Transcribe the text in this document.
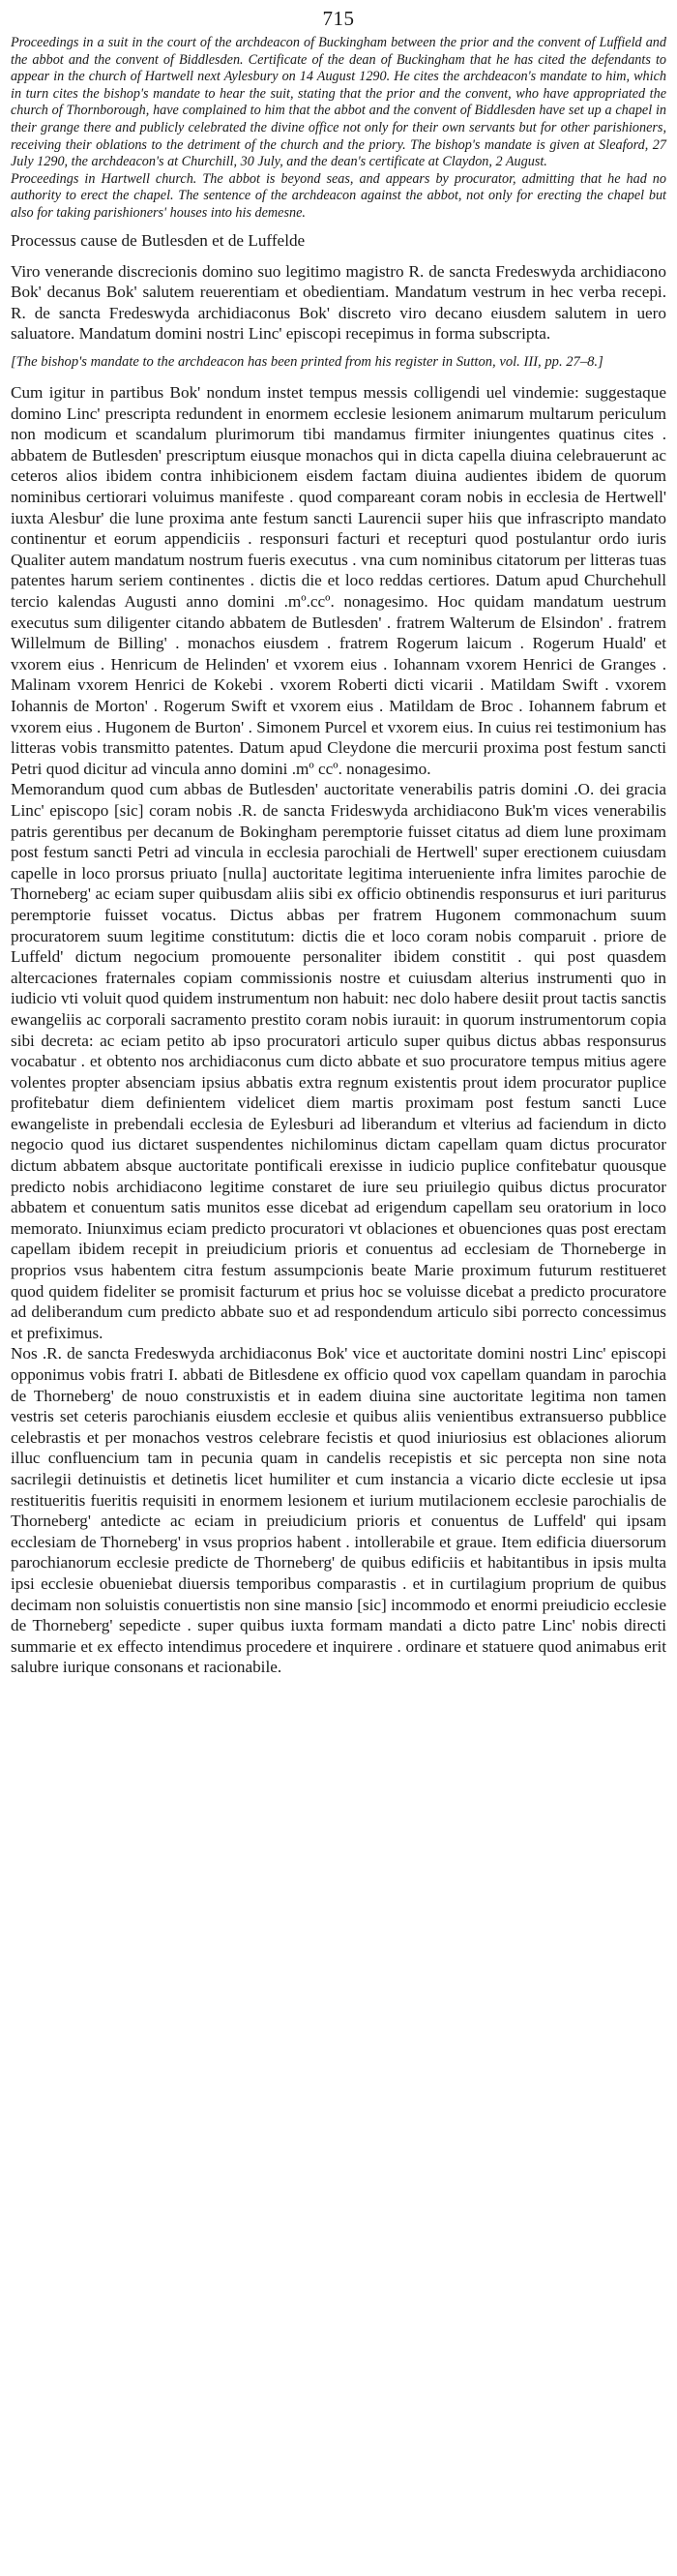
715

Proceedings in a suit in the court of the archdeacon of Buckingham between the prior and the convent of Luffield and the abbot and the convent of Biddlesden. Certificate of the dean of Buckingham that he has cited the defendants to appear in the church of Hartwell next Aylesbury on 14 August 1290. He cites the archdeacon's mandate to him, which in turn cites the bishop's mandate to hear the suit, stating that the prior and the convent, who have appropriated the church of Thornborough, have complained to him that the abbot and the convent of Biddlesden have set up a chapel in their grange there and publicly celebrated the divine office not only for their own servants but for other parishioners, receiving their oblations to the detriment of the church and the priory. The bishop's mandate is given at Sleaford, 27 July 1290, the archdeacon's at Churchill, 30 July, and the dean's certificate at Claydon, 2 August.

Proceedings in Hartwell church. The abbot is beyond seas, and appears by procurator, admitting that he had no authority to erect the chapel. The sentence of the archdeacon against the abbot, not only for erecting the chapel but also for taking parishioners' houses into his demesne.

Processus cause de Butlesden et de Luffelde

Viro venerande discrecionis domino suo legitimo magistro R. de sancta Fredeswyda archidiacono Bok' decanus Bok' salutem reuerentiam et obedientiam. Mandatum vestrum in hec verba recepi. R. de sancta Fredeswyda archidiaconus Bok' discreto viro decano eiusdem salutem in uero saluatore. Mandatum domini nostri Linc' episcopi recepimus in forma subscripta.

[The bishop's mandate to the archdeacon has been printed from his register in Sutton, vol. III, pp. 27–8.]

Cum igitur in partibus Bok' nondum instet tempus messis colligendi uel vindemie: suggestaque domino Linc' prescripta redundent in enormem ecclesie lesionem animarum multarum periculum non modicum et scandalum plurimorum tibi mandamus firmiter iniungentes quatinus cites . abbatem de Butlesden' prescriptum eiusque monachos qui in dicta capella diuina celebrauerunt ac ceteros alios ibidem contra inhibicionem eisdem factam diuina audientes ibidem de quorum nominibus certiorari voluimus manifeste . quod compareant coram nobis in ecclesia de Hertwell' iuxta Alesbur' die lune proxima ante festum sancti Laurencii super hiis que infrascripto mandato continentur et eorum appendiciis . responsuri facturi et recepturi quod postulantur ordo iuris Qualiter autem mandatum nostrum fueris executus . vna cum nominibus citatorum per litteras tuas patentes harum seriem continentes . dictis die et loco reddas certiores. Datum apud Churchehull tercio kalendas Augusti anno domini .mº.ccº. nonagesimo. Hoc quidam mandatum uestrum executus sum diligenter citando abbatem de Butlesden' . fratrem Walterum de Elsindon' . fratrem Willelmum de Billing' . monachos eiusdem . fratrem Rogerum laicum . Rogerum Huald' et vxorem eius . Henricum de Helinden' et vxorem eius . Iohannam vxorem Henrici de Granges . Malinam vxorem Henrici de Kokebi . vxorem Roberti dicti vicarii . Matildam Swift . vxorem Iohannis de Morton' . Rogerum Swift et vxorem eius . Matildam de Broc . Iohannem fabrum et vxorem eius . Hugonem de Burton' . Simonem Purcel et vxorem eius. In cuius rei testimonium has litteras vobis transmitto patentes. Datum apud Cleydone die mercurii proxima post festum sancti Petri quod dicitur ad vincula anno domini .mº ccº. nonagesimo.

Memorandum quod cum abbas de Butlesden' auctoritate venerabilis patris domini .O. dei gracia Linc' episcopo [sic] coram nobis .R. de sancta Frideswyda archidiacono Buk'm vices venerabilis patris gerentibus per decanum de Bokingham peremptorie fuisset citatus ad diem lune proximam post festum sancti Petri ad vincula in ecclesia parochiali de Hertwell' super erectionem cuiusdam capelle in loco prorsus priuato [nulla] auctoritate legitima interueniente infra limites parochie de Thorneberg' ac eciam super quibusdam aliis sibi ex officio obtinendis responsurus et iuri pariturus peremptorie fuisset vocatus. Dictus abbas per fratrem Hugonem commonachum suum procuratorem suum legitime constitutum: dictis die et loco coram nobis comparuit . priore de Luffeld' dictum negocium promouente personaliter ibidem constitit . qui post quasdem altercaciones fraternales copiam commissionis nostre et cuiusdam alterius instrumenti quo in iudicio vti voluit quod quidem instrumentum non habuit: nec dolo habere desiit prout tactis sanctis ewangeliis ac corporali sacramento prestito coram nobis iurauit: in quorum instrumentorum copia sibi decreta: ac eciam petito ab ipso procuratori articulo super quibus dictus abbas responsurus vocabatur . et obtento nos archidiaconus cum dicto abbate et suo procuratore tempus mitius agere volentes propter absenciam ipsius abbatis extra regnum existentis prout idem procurator puplice profitebatur diem definientem videlicet diem martis proximam post festum sancti Luce ewangeliste in prebendali ecclesia de Eylesburi ad liberandum et vlterius ad faciendum in dicto negocio quod ius dictaret suspendentes nichilominus dictam capellam quam dictus procurator dictum abbatem absque auctoritate pontificali erexisse in iudicio puplice confitebatur quousque predicto nobis archidiacono legitime constaret de iure seu priuilegio quibus dictus procurator abbatem et conuentum satis munitos esse dicebat ad erigendum capellam seu oratorium in loco memorato. Iniunximus eciam predicto procuratori vt oblaciones et obuenciones quas post erectam capellam ibidem recepit in preiudicium prioris et conuentus ad ecclesiam de Thorneberge in proprios vsus habentem citra festum assumpcionis beate Marie proximum futurum restitueret quod quidem fideliter se promisit facturum et prius hoc se voluisse dicebat a predicto procuratore ad deliberandum cum predicto abbate suo et ad respondendum articulo sibi porrecto concessimus et prefiximus.

Nos .R. de sancta Fredeswyda archidiaconus Bok' vice et auctoritate domini nostri Linc' episcopi opponimus vobis fratri I. abbati de Bitlesdene ex officio quod vox capellam quandam in parochia de Thorneberg' de nouo construxistis et in eadem diuina sine auctoritate legitima non tamen vestris set ceteris parochianis eiusdem ecclesie et quibus aliis venientibus extransuerso pubblice celebrastis et per monachos vestros celebrare fecistis et quod iniuriosius est oblaciones aliorum illuc confluencium tam in pecunia quam in candelis recepistis et sic percepta non sine nota sacrilegii detinuistis et detinetis licet humiliter et cum instancia a vicario dicte ecclesie ut ipsa restitueritis fueritis requisiti in enormem lesionem et iurium mutilacionem ecclesie parochialis de Thorneberg' antedicte ac eciam in preiudicium prioris et conuentus de Luffeld' qui ipsam ecclesiam de Thorneberg' in vsus proprios habent . intollerabile et graue. Item edificia diuersorum parochianorum ecclesie predicte de Thorneberg' de quibus edificiis et habitantibus in ipsis multa ipsi ecclesie obueniebat diuersis temporibus comparastis . et in curtilagium proprium de quibus decimam non soluistis conuertistis non sine mansio [sic] incommodo et enormi preiudicio ecclesie de Thorneberg' sepedicte . super quibus iuxta formam mandati a dicto patre Linc' nobis directi summarie et ex effecto intendimus procedere et inquirere . ordinare et statuere quod animabus erit salubre iurique consonans et racionabile.
